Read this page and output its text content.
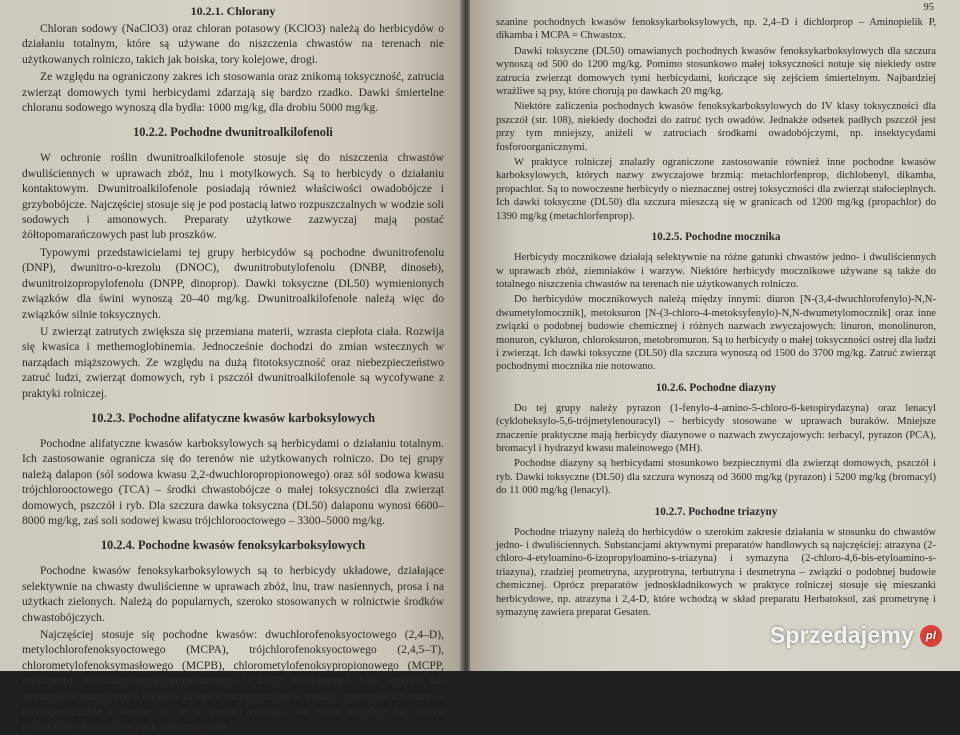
10.2.1. Chlorany

Chloran sodowy (NaClO3) oraz chloran potasowy (KClO3) należą do herbicydów o działaniu totalnym, które są używane do niszczenia chwastów na terenach nie użytkowanych rolniczo, takich jak boiska, tory kolejowe, drogi.

Ze względu na ograniczony zakres ich stosowania oraz znikomą toksyczność, zatrucia zwierząt domowych tymi herbicydami zdarzają się bardzo rzadko. Dawki śmiertelne chloranu sodowego wynoszą dla bydła: 1000 mg/kg, dla drobiu 5000 mg/kg.

10.2.2. Pochodne dwunitroalkilofenoli

W ochronie roślin dwunitroalkilofenole stosuje się do niszczenia chwastów dwuliściennych w uprawach zbóż, lnu i motylkowych. Są to herbicydy o działaniu kontaktowym. Dwunitroalkilofenole posiadają również właściwości owadobójcze i grzybobójcze. Najczęściej stosuje się je pod postacią łatwo rozpuszczalnych w wodzie soli sodowych i amonowych. Preparaty użytkowe zazwyczaj mają postać żółtopomarańczowych past lub proszków.

Typowymi przedstawicielami tej grupy herbicydów są pochodne dwunitrofenolu (DNP), dwunitro-o-krezolu (DNOC), dwunitrobutylofenolu (DNBP, dinoseb), dwunitroizopropylofenolu (DNPP, dinoprop). Dawki toksyczne (DL50) wymienionych związków dla świni wynoszą 20–40 mg/kg. Dwunitroalkilofenole należą więc do związków silnie toksycznych.

U zwierząt zatrutych zwiększa się przemiana materii, wzrasta ciepłota ciała. Rozwija się kwasica i methemoglobinemia. Jednocześnie dochodzi do zmian wstecznych w narządach miąższowych. Ze względu na dużą fitotoksyczność oraz niebezpieczeństwo zatruć ludzi, zwierząt domowych, ryb i pszczół dwunitroalkilofenole są wycofywane z praktyki rolniczej.

10.2.3. Pochodne alifatyczne kwasów karboksylowych

Pochodne alifatyczne kwasów karboksylowych są herbicydami o działaniu totalnym. Ich zastosowanie ogranicza się do terenów nie użytkowanych rolniczo. Do tej grupy należą dalapon (sól sodowa kwasu 2,2-dwuchloropropionowego) oraz sól sodowa kwasu trójchlorooctowego (TCA) – środki chwastobójcze o małej toksyczności dla zwierząt domowych, pszczół i ryb. Dla szczura dawka toksyczna (DL50) dalaponu wynosi 6600–8000 mg/kg, zaś soli sodowej kwasu trójchlorooctowego – 3300–5000 mg/kg.

10.2.4. Pochodne kwasów fenoksykarboksylowych

Pochodne kwasów fenoksykarboksylowych są to herbicydy układowe, działające selektywnie na chwasty dwuliścienne w uprawach zbóż, lnu, traw nasiennych, prosa i na użytkach zielonych. Należą do popularnych, szeroko stosowanych w rolnictwie środków chwastobójczych.

Najczęściej stosuje się pochodne kwasów: dwuchlorofenoksyoctowego (2,4–D), metylochlorofenoksyoctowego (MCPA), trójchlorofenoksyoctowego (2,4,5–T), chlorometylofenoksymasłowego (MCPB), chlorometylofenoksypropionowego (MCPP, mekoprop), dwuchlorofenoksypropionowego (2,4–DP, dichlorprop). Sole sodowe lub amonowe wymienionych kwasów są łatwo rozpuszczalne w wodzie, natomiast ich estry są nierozpuszczalne i stosuje się je w postaci emulsji. Na rynku znajduje się szereg preparatów chwastobójczych zawierających

95

szanine pochodnych kwasów fenoksykarboksylowych, np. 2,4–D i dichlorprop – Aminopielik P, dikamba i MCPA = Chwastox.

Dawki toksyczne (DL50) omawianych pochodnych kwasów fenoksykarboksylowych dla szczura wynoszą od 500 do 1200 mg/kg. Pomimo stosunkowo małej toksyczności notuje się niekiedy ostre zatrucia zwierząt domowych tymi herbicydami, kończące się zejściem śmiertelnym. Najbardziej wrażliwe są psy, które chorują po dawkach 20 mg/kg.

Niektóre zaliczenia pochodnych kwasów fenoksykarboksylowych do IV klasy toksyczności dla pszczół (str. 108), niekiedy dochodzi do zatruć tych owadów. Jednakże odsetek padłych pszczół jest przy tym mniejszy, aniżeli w zatruciach środkami owadobójczymi, np. insektycydami fosforoorganicznymi.

W praktyce rolniczej znalazły ograniczone zastosowanie również inne pochodne kwasów karboksylowych, których nazwy zwyczajowe brzmią: metachlorfenprop, dichlobenyl, dikamba, propachlor. Są to nowoczesne herbicydy o nieznacznej ostrej toksyczności dla zwierząt stałocieplnych. Ich dawki toksyczne (DL50) dla szczura mieszczą się w granicach od 1200 mg/kg (propachlor) do 1390 mg/kg (metachlorfenprop).

10.2.5. Pochodne mocznika

Herbicydy mocznikowe działają selektywnie na różne gatunki chwastów jedno- i dwuliściennych w uprawach zbóż, ziemniaków i warzyw. Niektóre herbicydy mocznikowe używane są także do totalnego niszczenia chwastów na terenach nie użytkowanych rolniczo.

Do herbicydów mocznikowych należą między innymi: diuron [N-(3,4-dwuchlorofenylo)-N,N-dwumetylomocznik], metoksuron [N-(3-chloro-4-metoksyfenylo)-N,N-dwumetylomocznik] oraz inne związki o podobnej budowie chemicznej i różnych nazwach zwyczajowych: linuron, monolinuron, monuron, cykluron, chloroksuron, metobromuron. Są to herbicydy o małej toksyczności ostrej dla ludzi i zwierząt. Ich dawki toksyczne (DL50) dla szczura wynoszą od 1500 do 3700 mg/kg. Zatruć zwierząt pochodnymi mocznika nie notowano.

10.2.6. Pochodne diazyny

Do tej grupy należy pyrazon (1-fenylo-4-amino-5-chloro-6-ketopirydazyna) oraz lenacyl (cykloheksylo-5,6-trójmetylenouracyl) – herbicydy stosowane w uprawach buraków. Mniejsze znaczenie praktyczne mają herbicydy diazynowe o nazwach zwyczajowych: terbacyl, pyrazon (PCA), bromacyl i hydrazyd kwasu maleinowego (MH).

Pochodne diazyny są herbicydami stosunkowo bezpiecznymi dla zwierząt domowych, pszczół i ryb. Dawki toksyczne (DL50) dla szczura wynoszą od 3600 mg/kg (pyrazon) i 5200 mg/kg (bromacyl) do 11 000 mg/kg (lenacyl).

10.2.7. Pochodne triazyny

Pochodne triazyny należą do herbicydów o szerokim zakresie działania w stosunku do chwastów jedno- i dwuliściennych. Substancjami aktywnymi preparatów handlowych są najczęściej: atrazyna (2-chloro-4-etyloamino-6-izopropyloamino-s-triazyna) i symazyna (2-chloro-4,6-bis-etyloamino-s-triazyna), rzadziej prometryna, azyprotryna, terbutryna i desmetryna – związki o podobnej budowie chemicznej. Oprócz preparatów jednoskładnikowych w praktyce rolniczej stosuje się mieszanki herbicydowe, np. atrazyna i 2,4-D, które wchodzą w skład preparatu Herbatoksol, zaś prometrynę i symazynę zawiera preparat Gesaten.

Sprzedajemy	pl
